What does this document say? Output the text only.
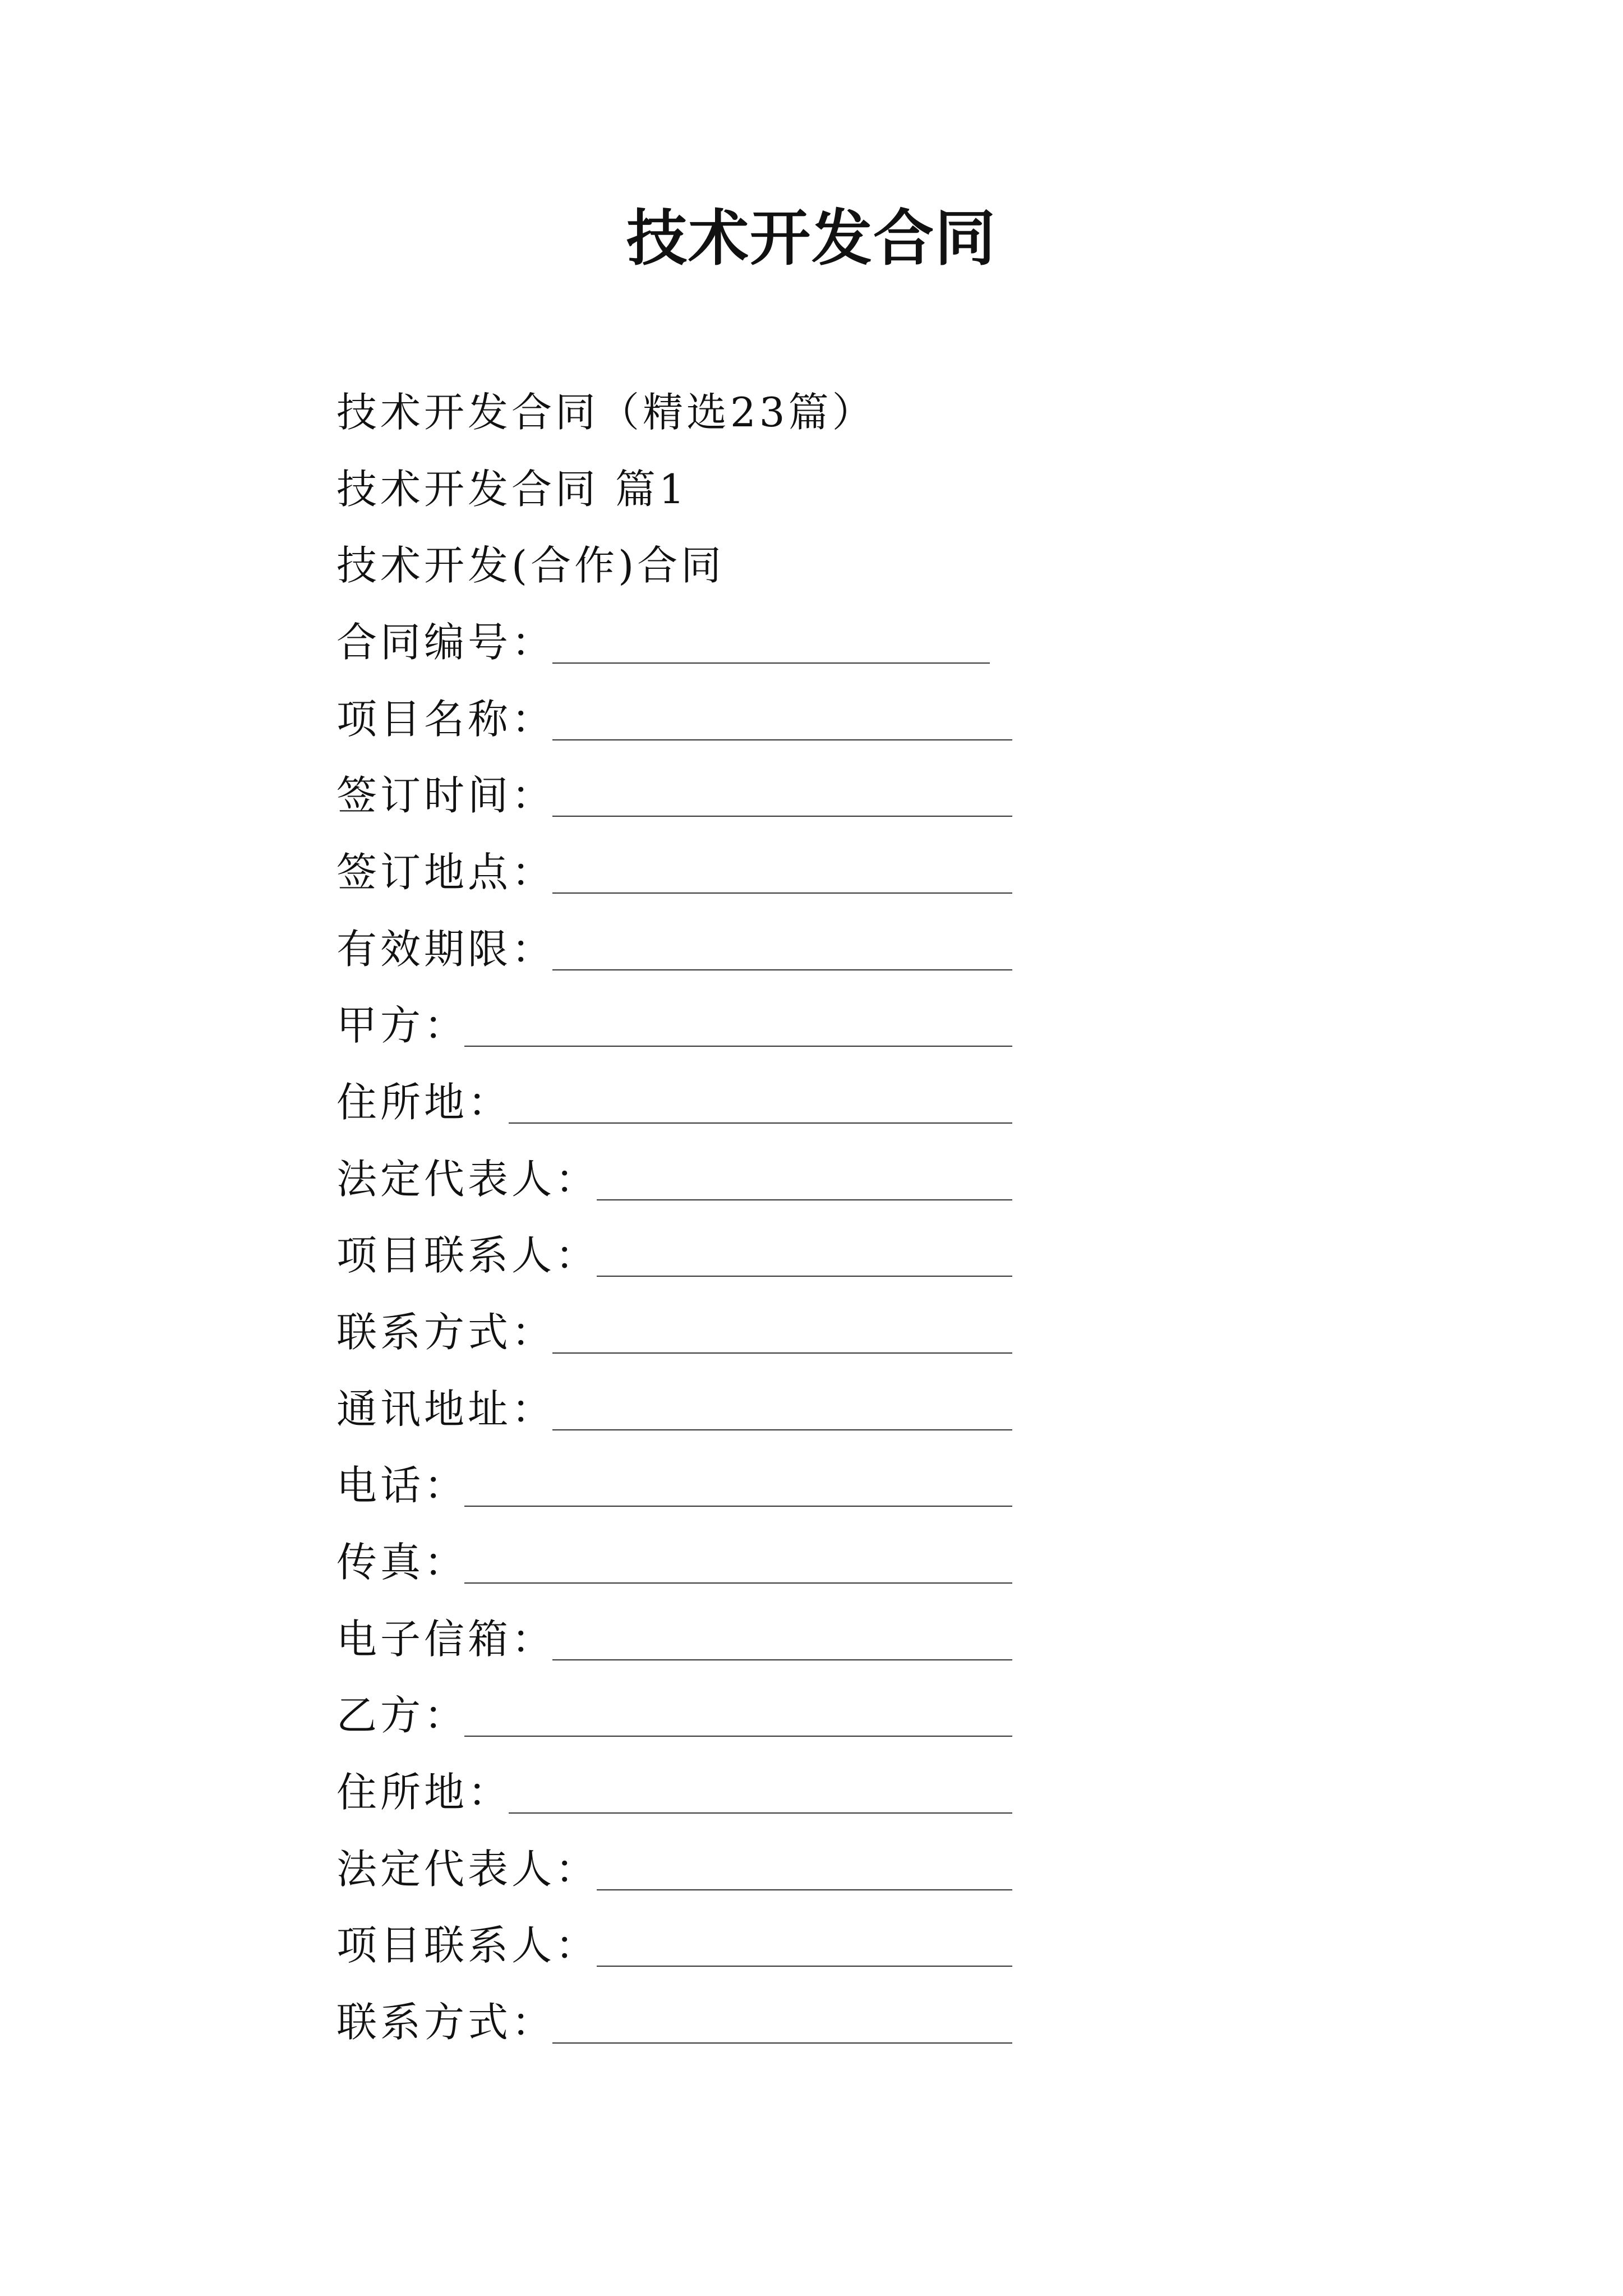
技术开发合同
技术开发合同（精选23篇）
技术开发合同 篇1
技术开发(合作)合同
合同编号：
项目名称：
签订时间：
签订地点：
有效期限：
甲方：
住所地：
法定代表人：
项目联系人：
联系方式：
通讯地址：
电话：
传真：
电子信箱：
乙方：
住所地：
法定代表人：
项目联系人：
联系方式：
